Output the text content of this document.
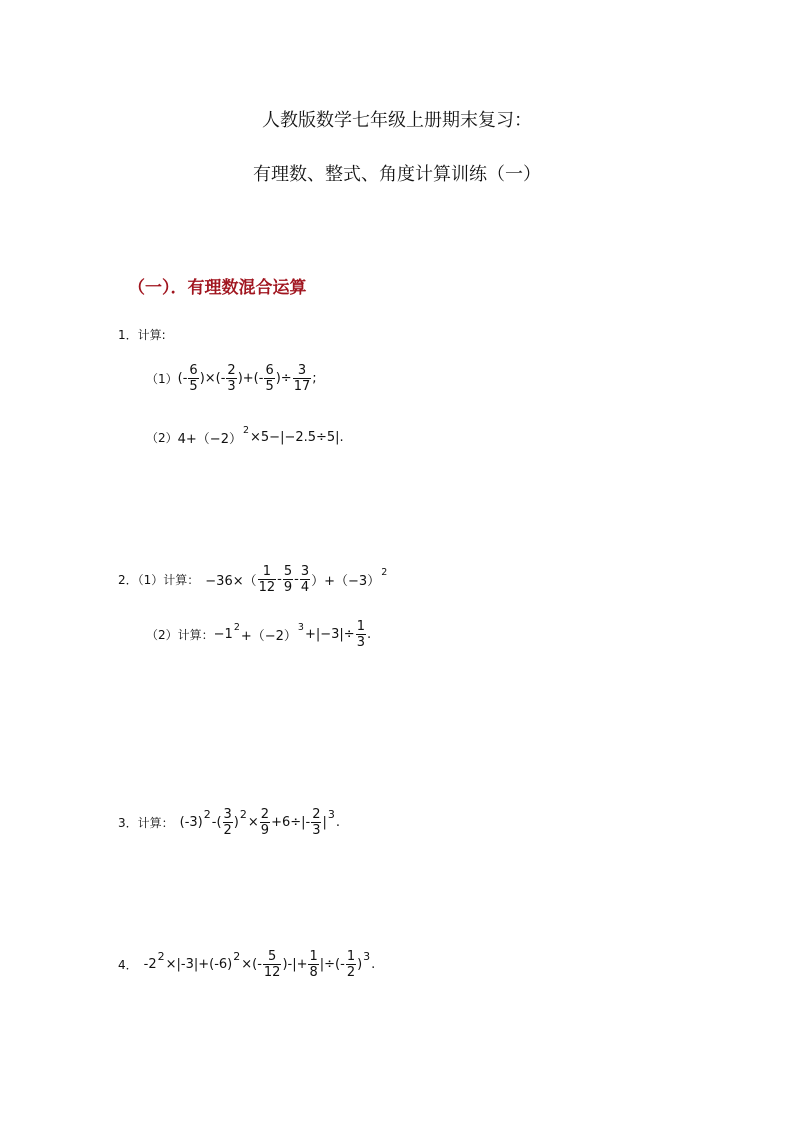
人教版数学七年级上册期末复习：
有理数、整式、角度计算训练（一）
（一）．有理数混合运算
1．计算:
（1） (- $\frac{6}{5}$ )× (- $\frac{2}{3}$ )+ (- $\frac{6}{5}$ )÷ $\frac{3}{17}$ ;
（2） 4+（−2）
2 ×5−|−2.5÷5|.
2．（1）计算： $-36\times( \frac{1}{12} - \frac{5}{9} - \frac{3}{4} )+(-3)$
2
（2）计算： −1 2
+（−2）
$3 +|-3|\div \frac{1}{3}$ .
3．计算： (-3)
2
-( $\frac{3}{2}$ )
2
× $\frac{2}{9} +6\div|- \frac{2}{3}$ |
3
.
4． -2
2
×|-3|+(-6)
2
×(- $\frac{5}{12}$ )-|+ $\frac{1}{8}$ |÷(- $\frac{1}{2}$ )
3
.
